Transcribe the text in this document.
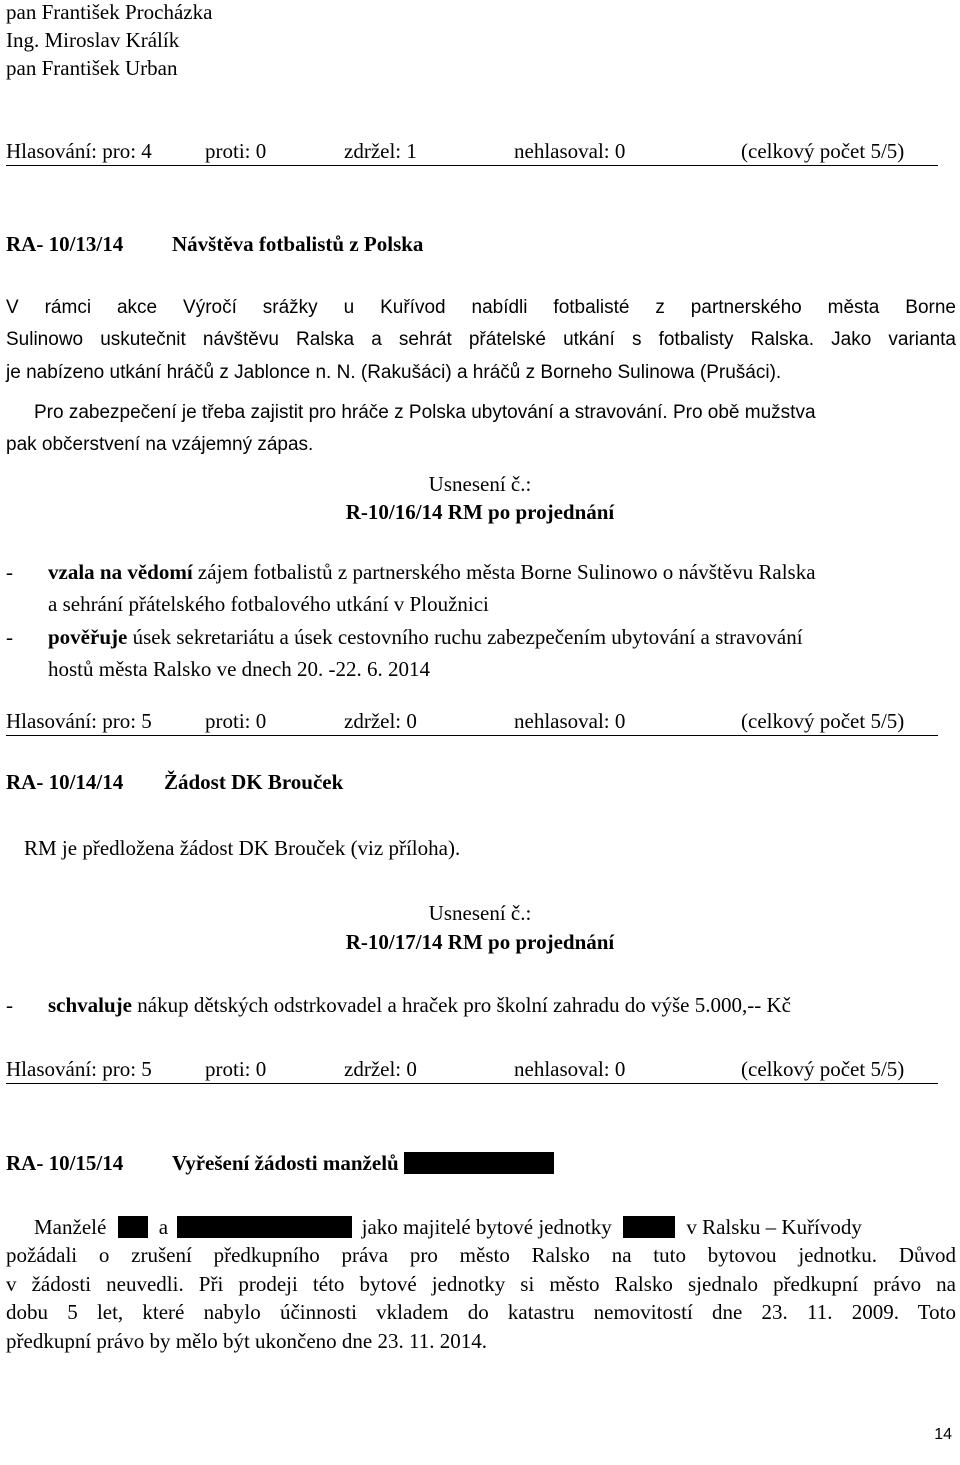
pan František Procházka
Ing. Miroslav Králík
pan František Urban
Hlasování: pro: 4	proti: 0	zdržel: 1	nehlasoval: 0	(celkový počet 5/5)
RA- 10/13/14 Návštěva fotbalistů z Polska
V rámci akce Výročí srážky u Kuřívod nabídli fotbalisté z partnerského města Borne
Sulinowo uskutečnit návštěvu Ralska a sehrát přátelské utkání s fotbalisty Ralska. Jako varianta
je nabízeno utkání hráčů z Jablonce n. N. (Rakušáci) a hráčů z Borneho Sulinowa (Prušáci).
Pro zabezpečení je třeba zajistit pro hráče z Polska ubytování a stravování. Pro obě mužstva
pak občerstvení na vzájemný zápas.
Usnesení č.:
R-10/16/14 RM po projednání
- vzala na vědomí zájem fotbalistů z partnerského města Borne Sulinowo o návštěvu Ralska
a sehrání přátelského fotbalového utkání v Ploužnici
- pověřuje úsek sekretariátu a úsek cestovního ruchu zabezpečením ubytování a stravování
hostů města Ralsko ve dnech 20. -22. 6. 2014
Hlasování: pro: 5	proti: 0	zdržel: 0	nehlasoval: 0	(celkový počet 5/5)
RA- 10/14/14 Žádost DK Brouček
RM je předložena žádost DK Brouček (viz příloha).
Usnesení č.:
R-10/17/14 RM po projednání
- schvaluje nákup dětských odstrkovadel a hraček pro školní zahradu do výše 5.000,-- Kč
Hlasování: pro: 5	proti: 0	zdržel: 0	nehlasoval: 0	(celkový počet 5/5)
RA- 10/15/14 Vyřešení žádosti manželů
Manželé	a	jako majitelé bytové jednotky	v Ralsku – Kuřívody
požádali o zrušení předkupního práva pro město Ralsko na tuto bytovou jednotku. Důvod
v žádosti neuvedli. Při prodeji této bytové jednotky si město Ralsko sjednalo předkupní právo na
dobu 5 let, které nabylo účinnosti vkladem do katastru nemovitostí dne 23. 11. 2009. Toto
předkupní právo by mělo být ukončeno dne 23. 11. 2014.
14
